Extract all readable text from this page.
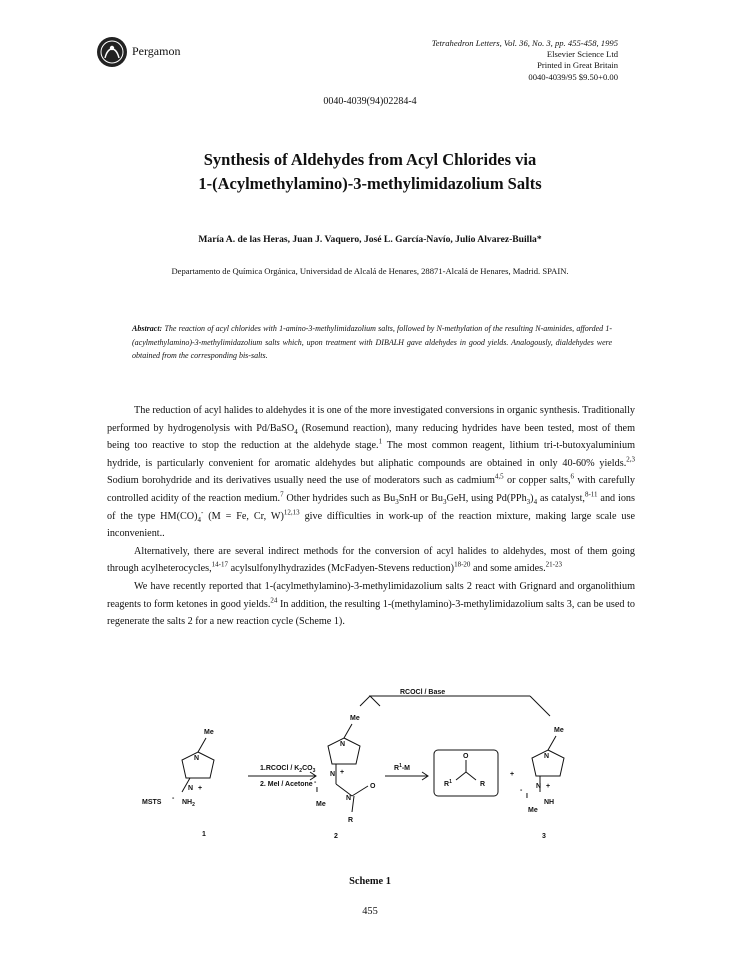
Pergamon
Tetrahedron Letters, Vol. 36, No. 3, pp. 455-458, 1995
Elsevier Science Ltd
Printed in Great Britain
0040-4039/95 $9.50+0.00
0040-4039(94)02284-4
Synthesis of Aldehydes from Acyl Chlorides via
1-(Acylmethylamino)-3-methylimidazolium Salts
María A. de las Heras, Juan J. Vaquero, José L. García-Navío, Julio Alvarez-Builla*
Departamento de Química Orgánica, Universidad de Alcalá de Henares, 28871-Alcalá de Henares, Madrid. SPAIN.
Abstract: The reaction of acyl chlorides with 1-amino-3-methylimidazolium salts, followed by N-methylation of the resulting N-aminides, afforded 1-(acylmethylamino)-3-methylimidazolium salts which, upon treatment with DIBALH gave aldehydes in good yields. Analogously, dialdehydes were obtained from the corresponding bis-salts.

The reduction of acyl halides to aldehydes it is one of the more investigated conversions in organic synthesis. Traditionally performed by hydrogenolysis with Pd/BaSO$_4$ (Rosemund reaction), many reducing hydrides have been tested, most of them being too reactive to stop the reduction at the aldehyde stage.$^1$ The most common reagent, lithium tri-t-butoxyaluminium hydride, is particularly convenient for aromatic aldehydes but aliphatic compounds are obtained in only 40-60% yields.$^{2,3}$ Sodium borohydride and its derivatives usually need the use of moderators such as cadmium$^{4,5}$ or copper salts,$^6$ with carefully controlled acidity of the reaction medium.$^7$ Other hydrides such as $Bu_3SnH$ or $Bu_3GeH$, using $Pd(PPh_3)_4$ as catalyst,$^{8-11}$ and ions of the type $HM(CO)_4^-$ (M = Fe, Cr, W)$^{12,13}$ give difficulties in work-up of the reaction mixture, making large scale use inconvenient..

Alternatively, there are several indirect methods for the conversion of acyl halides to aldehydes, most of them going through acylheterocycles,$^{14-17}$ acylsulfonylhydrazides (McFadyen-Stevens reduction)$^{18-20}$ and some amides.$^{21-23}$

We have recently reported that 1-(acylmethylamino)-3-methylimidazolium salts 2 react with Grignard and organolithium reagents to form ketones in good yields.$^{24}$ In addition, the resulting 1-(methylamino)-3-methylimidazolium salts 3, can be used to regenerate the salts 2 for a new reaction cycle (Scheme 1).

RCOCl / Base
Me
N
N +
MSTS
-
$NH_2$
1.RCOCl / $K_2CO_3$
2. MeI / Acetone
Me
N
N +
I
-
N
O
Me
R
$R^1-M$
O
$R^1$	R
+
Me
N
N +
I
-
NH
Me
1	2	3
Scheme 1
455
